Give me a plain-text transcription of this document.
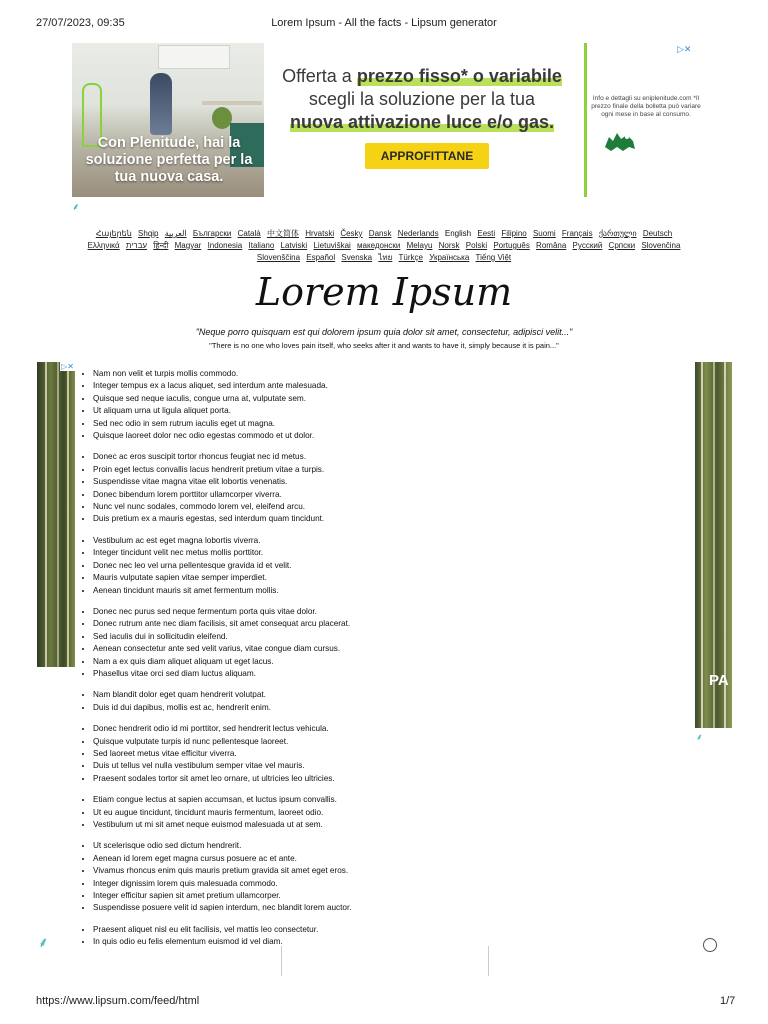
27/07/2023, 09:35	Lorem Ipsum - All the facts - Lipsum generator
Con Plenitude, hai la soluzione perfetta per la tua nuova casa.
Offerta a prezzo fisso* o variabile
scegli la soluzione per la tua
nuova attivazione luce e/o gas.
APPROFITTANE
Info e dettagli su eniplenitude.com *Il prezzo finale della bolletta può variare ogni mese in base al consumo.
▷✕
⸙
Հայերեն Shqip العربية Български Català 中文简体 Hrvatski Česky Dansk Nederlands English Eesti Filipino Suomi Français ქართული Deutsch Ελληνικά עברית हिन्दी Magyar Indonesia Italiano Latviski Lietuviškai македонски Melayu Norsk Polski Português Româna Pyccкий Српски Slovenčina Slovenščina Español Svenska ไทย Türkçe Українська Tiếng Việt
Lorem Ipsum
"Neque porro quisquam est qui dolorem ipsum quia dolor sit amet, consectetur, adipisci velit..."
"There is no one who loves pain itself, who seeks after it and wants to have it, simply because it is pain..."
▷✕
PA
⸙
• Nam non velit et turpis mollis commodo.
• Integer tempus ex a lacus aliquet, sed interdum ante malesuada.
• Quisque sed neque iaculis, congue urna at, vulputate sem.
• Ut aliquam urna ut ligula aliquet porta.
• Sed nec odio in sem rutrum iaculis eget ut magna.
• Quisque laoreet dolor nec odio egestas commodo et ut dolor.
• Donec ac eros suscipit tortor rhoncus feugiat nec id metus.
• Proin eget lectus convallis lacus hendrerit pretium vitae a turpis.
• Suspendisse vitae magna vitae elit lobortis venenatis.
• Donec bibendum lorem porttitor ullamcorper viverra.
• Nunc vel nunc sodales, commodo lorem vel, eleifend arcu.
• Duis pretium ex a mauris egestas, sed interdum quam tincidunt.
• Vestibulum ac est eget magna lobortis viverra.
• Integer tincidunt velit nec metus mollis porttitor.
• Donec nec leo vel urna pellentesque gravida id et velit.
• Mauris vulputate sapien vitae semper imperdiet.
• Aenean tincidunt mauris sit amet fermentum mollis.
• Donec nec purus sed neque fermentum porta quis vitae dolor.
• Donec rutrum ante nec diam facilisis, sit amet consequat arcu placerat.
• Sed iaculis dui in sollicitudin eleifend.
• Aenean consectetur ante sed velit varius, vitae congue diam cursus.
• Nam a ex quis diam aliquet aliquam ut eget lacus.
• Phasellus vitae orci sed diam luctus aliquam.
• Nam blandit dolor eget quam hendrerit volutpat.
• Duis id dui dapibus, mollis est ac, hendrerit enim.
• Donec hendrerit odio id mi porttitor, sed hendrerit lectus vehicula.
• Quisque vulputate turpis id nunc pellentesque laoreet.
• Sed laoreet metus vitae efficitur viverra.
• Duis ut tellus vel nulla vestibulum semper vitae vel mauris.
• Praesent sodales tortor sit amet leo ornare, ut ultricies leo ultricies.
• Etiam congue lectus at sapien accumsan, et luctus ipsum convallis.
• Ut eu augue tincidunt, tincidunt mauris fermentum, laoreet odio.
• Vestibulum ut mi sit amet neque euismod malesuada ut at sem.
• Ut scelerisque odio sed dictum hendrerit.
• Aenean id lorem eget magna cursus posuere ac et ante.
• Vivamus rhoncus enim quis mauris pretium gravida sit amet eget eros.
• Integer dignissim lorem quis malesuada commodo.
• Integer efficitur sapien sit amet pretium ullamcorper.
• Suspendisse posuere velit id sapien interdum, nec blandit lorem auctor.
• Praesent aliquet nisl eu elit facilisis, vel mattis leo consectetur.
• In quis odio eu felis elementum euismod id vel diam.
⸙
https://www.lipsum.com/feed/html	1/7
